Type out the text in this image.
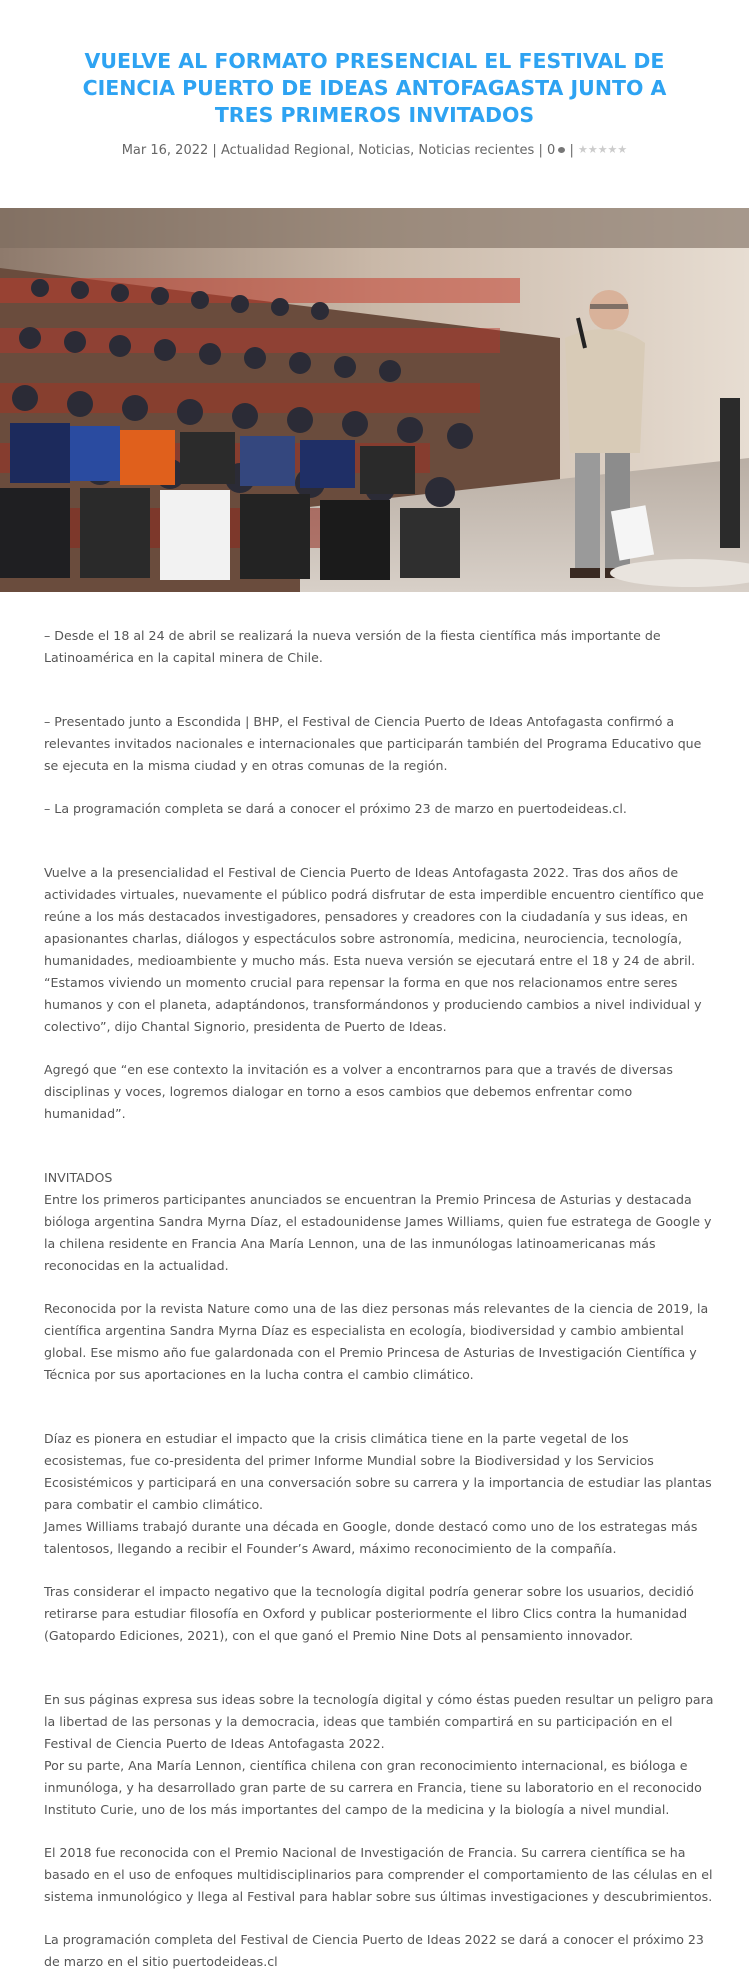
VUELVE AL FORMATO PRESENCIAL EL FESTIVAL DE CIENCIA PUERTO DE IDEAS ANTOFAGASTA JUNTO A TRES PRIMEROS INVITADOS
Mar 16, 2022 | Actualidad Regional, Noticias, Noticias recientes | 0 | ★★★★★

– Desde el 18 al 24 de abril se realizará la nueva versión de la fiesta científica más importante de Latinoamérica en la capital minera de Chile.

– Presentado junto a Escondida | BHP, el Festival de Ciencia Puerto de Ideas Antofagasta confirmó a relevantes invitados nacionales e internacionales que participarán también del Programa Educativo que se ejecuta en la misma ciudad y en otras comunas de la región.

– La programación completa se dará a conocer el próximo 23 de marzo en puertodeideas.cl.

Vuelve a la presencialidad el Festival de Ciencia Puerto de Ideas Antofagasta 2022. Tras dos años de actividades virtuales, nuevamente el público podrá disfrutar de esta imperdible encuentro científico que reúne a los más destacados investigadores, pensadores y creadores con la ciudadanía y sus ideas, en apasionantes charlas, diálogos y espectáculos sobre astronomía, medicina, neurociencia, tecnología, humanidades, medioambiente y mucho más. Esta nueva versión se ejecutará entre el 18 y 24 de abril.

“Estamos viviendo un momento crucial para repensar la forma en que nos relacionamos entre seres humanos y con el planeta, adaptándonos, transformándonos y produciendo cambios a nivel individual y colectivo”, dijo Chantal Signorio, presidenta de Puerto de Ideas.

Agregó que “en ese contexto la invitación es a volver a encontrarnos para que a través de diversas disciplinas y voces, logremos dialogar en torno a esos cambios que debemos enfrentar como humanidad”.

INVITADOS

Entre los primeros participantes anunciados se encuentran la Premio Princesa de Asturias y destacada bióloga argentina Sandra Myrna Díaz, el estadounidense James Williams, quien fue estratega de Google y la chilena residente en Francia Ana María Lennon, una de las inmunólogas latinoamericanas más reconocidas en la actualidad.

Reconocida por la revista Nature como una de las diez personas más relevantes de la ciencia de 2019, la científica argentina Sandra Myrna Díaz es especialista en ecología, biodiversidad y cambio ambiental global. Ese mismo año fue galardonada con el Premio Princesa de Asturias de Investigación Científica y Técnica por sus aportaciones en la lucha contra el cambio climático.

Díaz es pionera en estudiar el impacto que la crisis climática tiene en la parte vegetal de los ecosistemas, fue co-presidenta del primer Informe Mundial sobre la Biodiversidad y los Servicios Ecosistémicos y participará en una conversación sobre su carrera y la importancia de estudiar las plantas para combatir el cambio climático.

James Williams trabajó durante una década en Google, donde destacó como uno de los estrategas más talentosos, llegando a recibir el Founder’s Award, máximo reconocimiento de la compañía.

Tras considerar el impacto negativo que la tecnología digital podría generar sobre los usuarios, decidió retirarse para estudiar filosofía en Oxford y publicar posteriormente el libro Clics contra la humanidad (Gatopardo Ediciones, 2021), con el que ganó el Premio Nine Dots al pensamiento innovador.

En sus páginas expresa sus ideas sobre la tecnología digital y cómo éstas pueden resultar un peligro para la libertad de las personas y la democracia, ideas que también compartirá en su participación en el Festival de Ciencia Puerto de Ideas Antofagasta 2022.

Por su parte, Ana María Lennon, científica chilena con gran reconocimiento internacional, es bióloga e inmunóloga, y ha desarrollado gran parte de su carrera en Francia, tiene su laboratorio en el reconocido Instituto Curie, uno de los más importantes del campo de la medicina y la biología a nivel mundial.

El 2018 fue reconocida con el Premio Nacional de Investigación de Francia. Su carrera científica se ha basado en el uso de enfoques multidisciplinarios para comprender el comportamiento de las células en el sistema inmunológico y llega al Festival para hablar sobre sus últimas investigaciones y descubrimientos.

La programación completa del Festival de Ciencia Puerto de Ideas 2022 se dará a conocer el próximo 23 de marzo en el sitio puertodeideas.cl
